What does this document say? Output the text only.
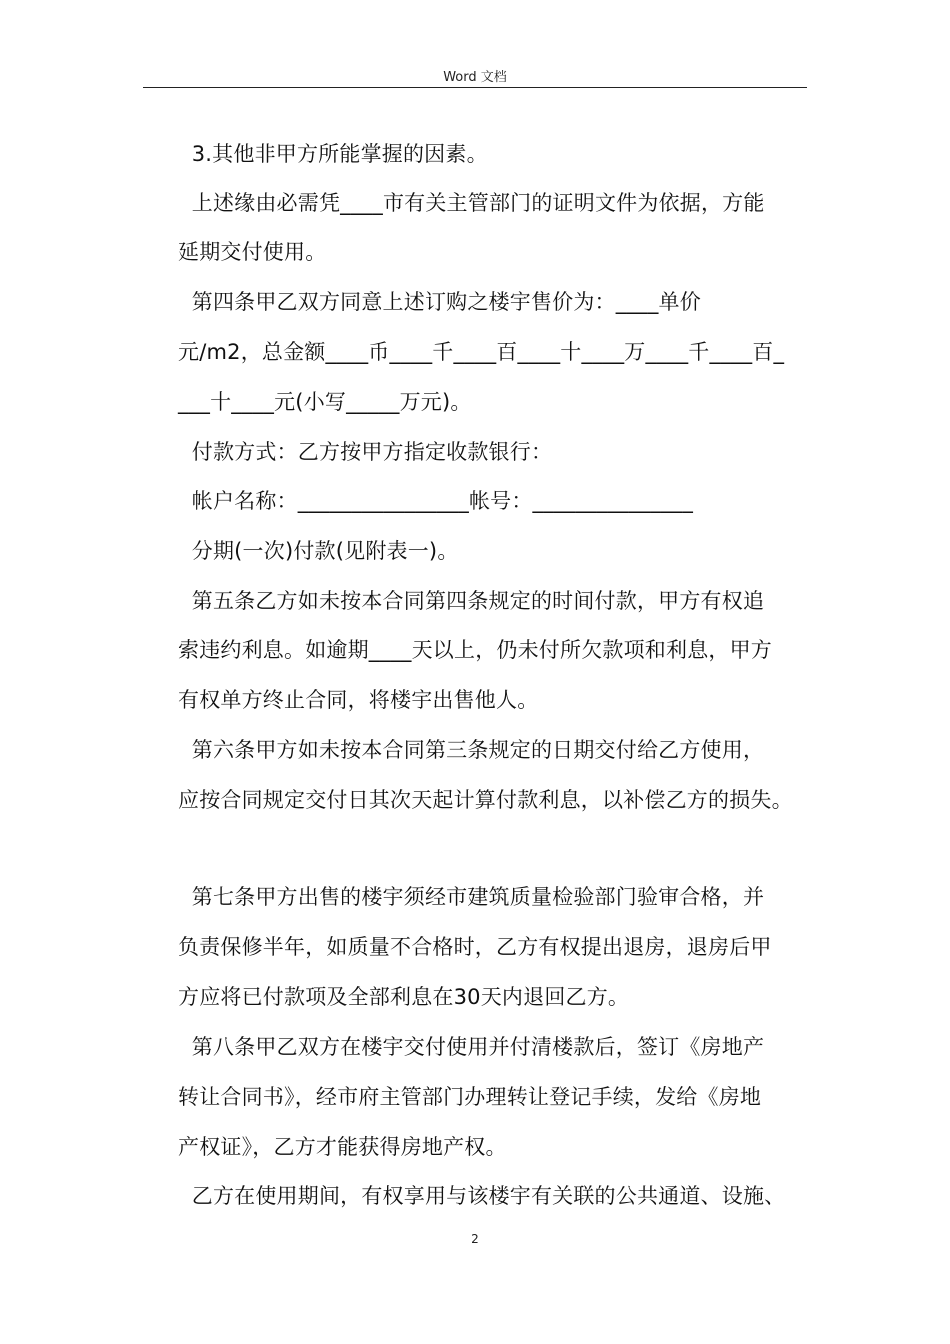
Word 文档
3.其他非甲方所能掌握的因素。
上述缘由必需凭____市有关主管部门的证明文件为依据，方能
延期交付使用。
第四条甲乙双方同意上述订购之楼宇售价为：____单价
元/m2，总金额____币____千____百____十____万____千____百_
___十____元(小写_____万元)。
付款方式：乙方按甲方指定收款银行：
帐户名称：________________帐号：_______________
分期(一次)付款(见附表一)。
第五条乙方如未按本合同第四条规定的时间付款，甲方有权追
索违约利息。如逾期____天以上，仍未付所欠款项和利息，甲方
有权单方终止合同，将楼宇出售他人。
第六条甲方如未按本合同第三条规定的日期交付给乙方使用，
应按合同规定交付日其次天起计算付款利息，以补偿乙方的损失。
第七条甲方出售的楼宇须经市建筑质量检验部门验审合格，并
负责保修半年，如质量不合格时，乙方有权提出退房，退房后甲
方应将已付款项及全部利息在30天内退回乙方。
第八条甲乙双方在楼宇交付使用并付清楼款后，签订《房地产
转让合同书》，经市府主管部门办理转让登记手续，发给《房地
产权证》，乙方才能获得房地产权。
乙方在使用期间，有权享用与该楼宇有关联的公共通道、设施、
2
